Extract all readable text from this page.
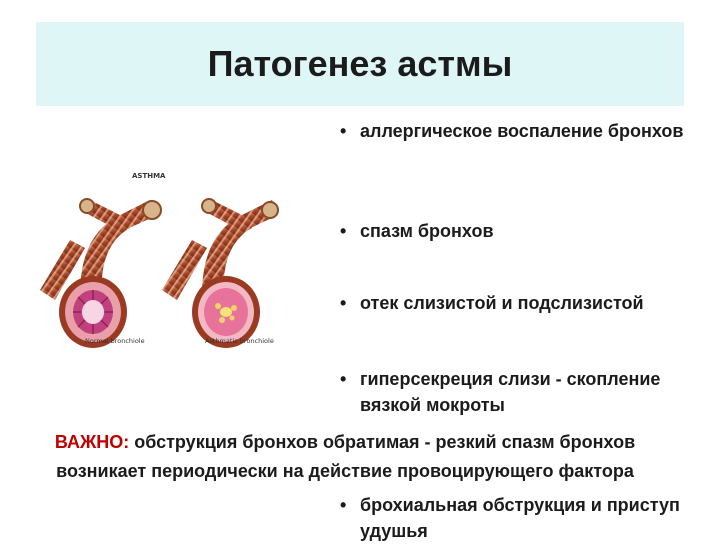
Патогенез астмы
ASTHMA
Normal bronchiole	Asthmatic bronchiole
• аллергическое воспаление бронхов
• спазм бронхов
• отек слизистой и подслизистой
• гиперсекреция слизи - скопление вязкой мокроты
• брохиальная обструкция и приступ удушья
ВАЖНО: обструкция бронхов обратимая - резкий спазм бронхов возникает периодически на действие провоцирующего фактора
